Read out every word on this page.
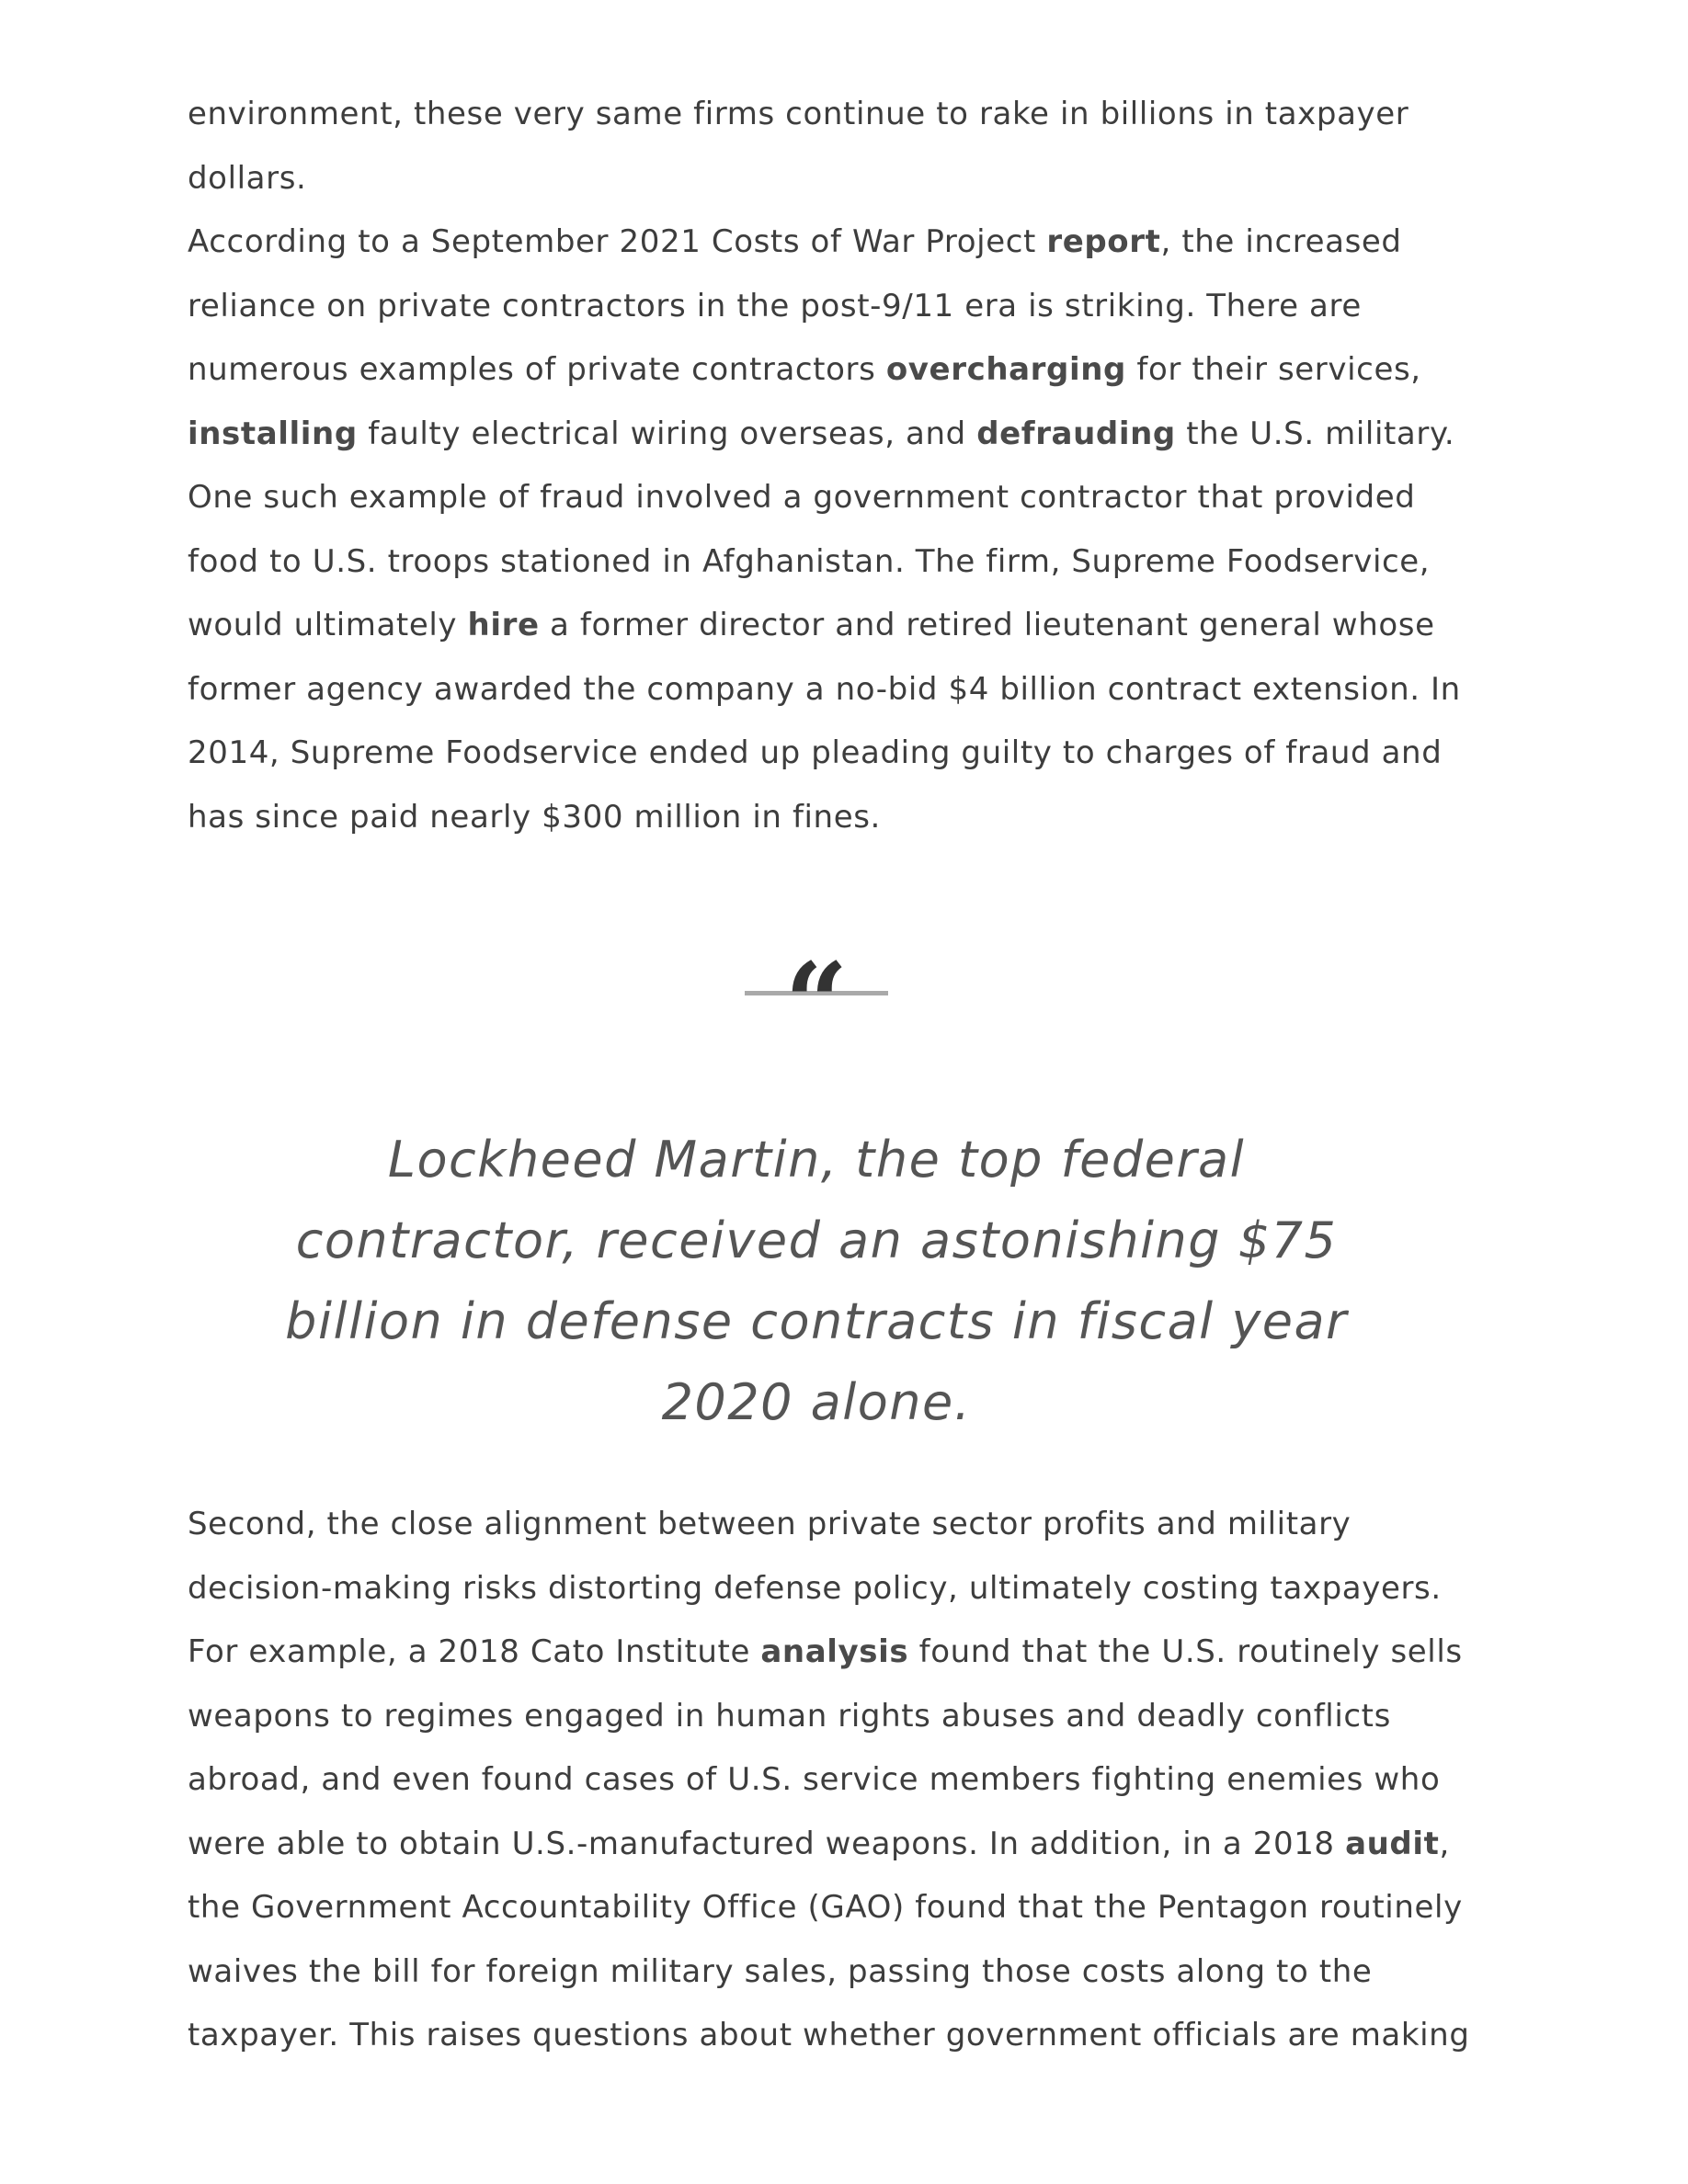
environment, these very same firms continue to rake in billions in taxpayer dollars.

According to a September 2021 Costs of War Project report, the increased reliance on private contractors in the post-9/11 era is striking. There are numerous examples of private contractors overcharging for their services, installing faulty electrical wiring overseas, and defrauding the U.S. military. One such example of fraud involved a government contractor that provided food to U.S. troops stationed in Afghanistan. The firm, Supreme Foodservice, would ultimately hire a former director and retired lieutenant general whose former agency awarded the company a no-bid $4 billion contract extension. In 2014, Supreme Foodservice ended up pleading guilty to charges of fraud and has since paid nearly $300 million in fines.

“

Lockheed Martin, the top federal contractor, received an astonishing $75 billion in defense contracts in fiscal year 2020 alone.

Second, the close alignment between private sector profits and military decision-making risks distorting defense policy, ultimately costing taxpayers. For example, a 2018 Cato Institute analysis found that the U.S. routinely sells weapons to regimes engaged in human rights abuses and deadly conflicts abroad, and even found cases of U.S. service members fighting enemies who were able to obtain U.S.-manufactured weapons. In addition, in a 2018 audit, the Government Accountability Office (GAO) found that the Pentagon routinely waives the bill for foreign military sales, passing those costs along to the taxpayer. This raises questions about whether government officials are making
